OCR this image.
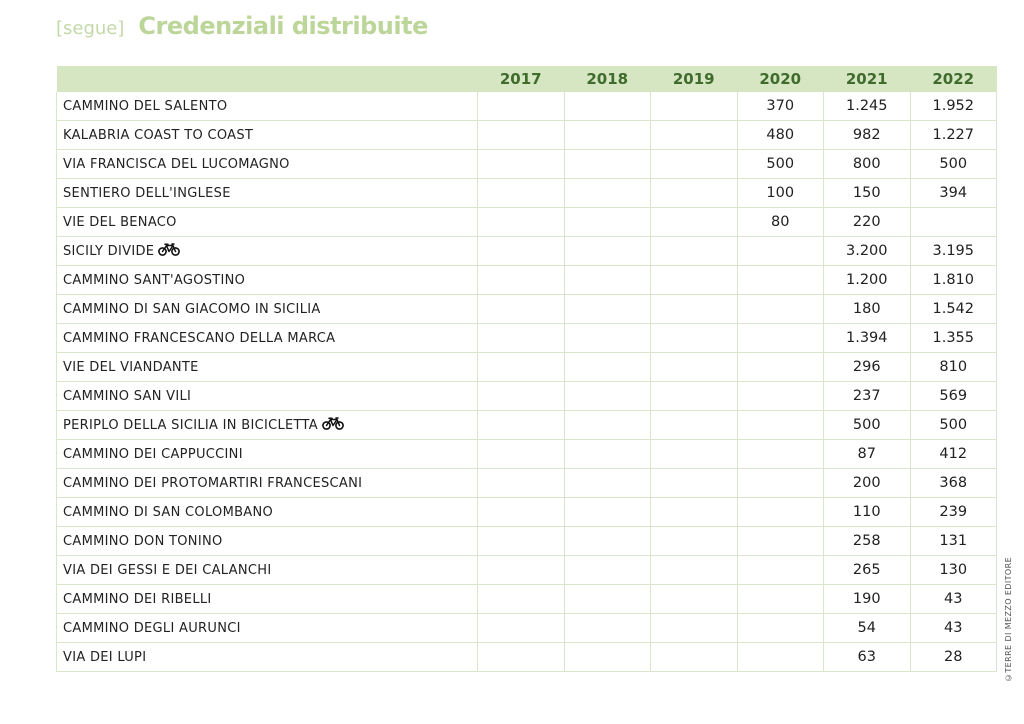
[segue] Credenziali distribuite
	2017	2018	2019	2020	2021	2022
CAMMINO DEL SALENTO				370	1.245	1.952
KALABRIA COAST TO COAST				480	982	1.227
VIA FRANCISCA DEL LUCOMAGNO				500	800	500
SENTIERO DELL'INGLESE				100	150	394
VIE DEL BENACO				80	220	
SICILY DIVIDE					3.200	3.195
CAMMINO SANT'AGOSTINO					1.200	1.810
CAMMINO DI SAN GIACOMO IN SICILIA					180	1.542
CAMMINO FRANCESCANO DELLA MARCA					1.394	1.355
VIE DEL VIANDANTE					296	810
CAMMINO SAN VILI					237	569
PERIPLO DELLA SICILIA IN BICICLETTA					500	500
CAMMINO DEI CAPPUCCINI					87	412
CAMMINO DEI PROTOMARTIRI FRANCESCANI					200	368
CAMMINO DI SAN COLOMBANO					110	239
CAMMINO DON TONINO					258	131
VIA DEI GESSI E DEI CALANCHI					265	130
CAMMINO DEI RIBELLI					190	43
CAMMINO DEGLI AURUNCI					54	43
VIA DEI LUPI					63	28	©TERRE DI MEZZO EDITORE
